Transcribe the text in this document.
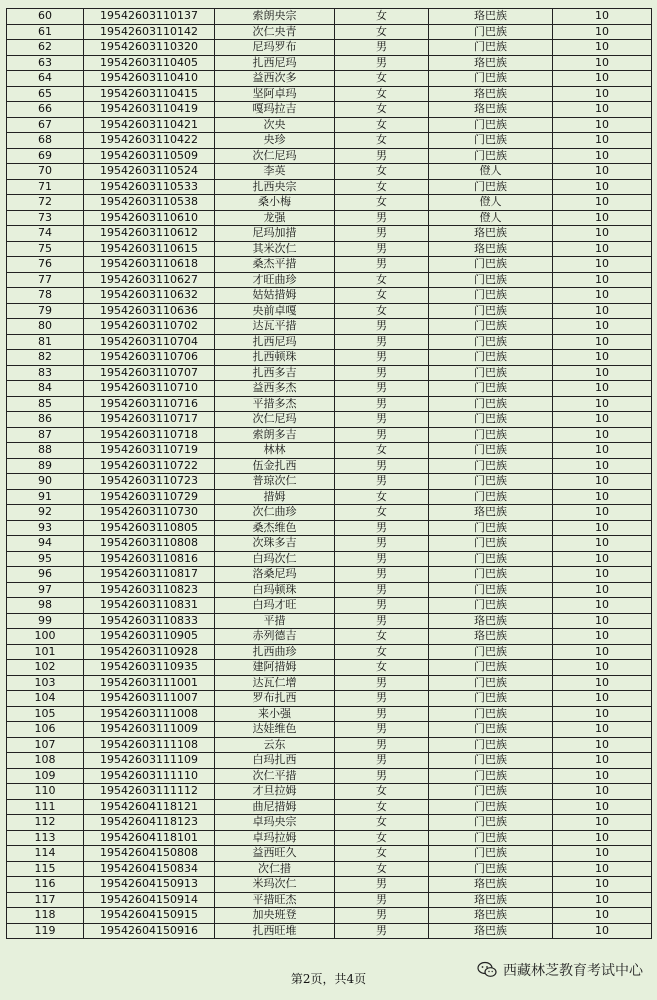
60	19542603110137	索朗央宗	女	珞巴族	10
61	19542603110142	次仁央青	女	门巴族	10
62	19542603110320	尼玛罗布	男	门巴族	10
63	19542603110405	扎西尼玛	男	珞巴族	10
64	19542603110410	益西次多	女	门巴族	10
65	19542603110415	坚阿卓玛	女	珞巴族	10
66	19542603110419	嘎玛拉吉	女	珞巴族	10
67	19542603110421	次央	女	门巴族	10
68	19542603110422	央珍	女	门巴族	10
69	19542603110509	次仁尼玛	男	门巴族	10
70	19542603110524	李英	女	僜人	10
71	19542603110533	扎西央宗	女	门巴族	10
72	19542603110538	桑小梅	女	僜人	10
73	19542603110610	龙强	男	僜人	10
74	19542603110612	尼玛加措	男	珞巴族	10
75	19542603110615	其米次仁	男	珞巴族	10
76	19542603110618	桑杰平措	男	门巴族	10
77	19542603110627	才旺曲珍	女	门巴族	10
78	19542603110632	姑姑措姆	女	门巴族	10
79	19542603110636	央前卓嘎	女	门巴族	10
80	19542603110702	达瓦平措	男	门巴族	10
81	19542603110704	扎西尼玛	男	门巴族	10
82	19542603110706	扎西顿珠	男	门巴族	10
83	19542603110707	扎西多吉	男	门巴族	10
84	19542603110710	益西多杰	男	门巴族	10
85	19542603110716	平措多杰	男	门巴族	10
86	19542603110717	次仁尼玛	男	门巴族	10
87	19542603110718	索朗多吉	男	门巴族	10
88	19542603110719	林林	女	门巴族	10
89	19542603110722	伍金扎西	男	门巴族	10
90	19542603110723	普琼次仁	男	门巴族	10
91	19542603110729	措姆	女	门巴族	10
92	19542603110730	次仁曲珍	女	珞巴族	10
93	19542603110805	桑杰维色	男	门巴族	10
94	19542603110808	次珠多吉	男	门巴族	10
95	19542603110816	白玛次仁	男	门巴族	10
96	19542603110817	洛桑尼玛	男	门巴族	10
97	19542603110823	白玛顿珠	男	门巴族	10
98	19542603110831	白玛才旺	男	门巴族	10
99	19542603110833	平措	男	珞巴族	10
100	19542603110905	赤列德吉	女	珞巴族	10
101	19542603110928	扎西曲珍	女	门巴族	10
102	19542603110935	建阿措姆	女	门巴族	10
103	19542603111001	达瓦仁增	男	门巴族	10
104	19542603111007	罗布扎西	男	门巴族	10
105	19542603111008	来小强	男	门巴族	10
106	19542603111009	达娃维色	男	门巴族	10
107	19542603111108	云东	男	门巴族	10
108	19542603111109	白玛扎西	男	门巴族	10
109	19542603111110	次仁平措	男	门巴族	10
110	19542603111112	才旦拉姆	女	门巴族	10
111	19542604118121	曲尼措姆	女	门巴族	10
112	19542604118123	卓玛央宗	女	门巴族	10
113	19542604118101	卓玛拉姆	女	门巴族	10
114	19542604150808	益西旺久	女	门巴族	10
115	19542604150834	次仁措	女	门巴族	10
116	19542604150913	米玛次仁	男	珞巴族	10
117	19542604150914	平措旺杰	男	珞巴族	10
118	19542604150915	加央班登	男	珞巴族	10
119	19542604150916	扎西旺堆	男	珞巴族	10
第2页，共4页	西藏林芝教育考试中心
